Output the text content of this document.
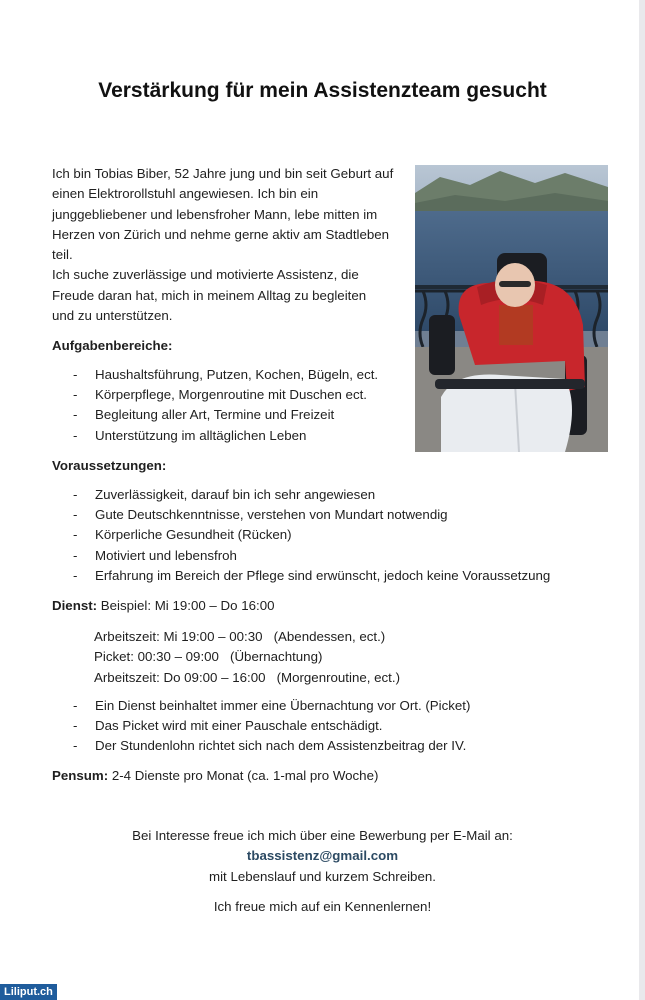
Verstärkung für mein Assistenzteam gesucht
Ich bin Tobias Biber, 52 Jahre jung und bin seit Geburt auf
einen Elektrorollstuhl angewiesen. Ich bin ein
junggebliebener und lebensfroher Mann, lebe mitten im
Herzen von Zürich und nehme gerne aktiv am Stadtleben
teil.
Ich suche zuverlässige und motivierte Assistenz, die
Freude daran hat, mich in meinem Alltag zu begleiten
und zu unterstützen.
Aufgabenbereiche:
- Haushaltsführung, Putzen, Kochen, Bügeln, ect.
- Körperpflege, Morgenroutine mit Duschen ect.
- Begleitung aller Art, Termine und Freizeit
- Unterstützung im alltäglichen Leben
Voraussetzungen:
- Zuverlässigkeit, darauf bin ich sehr angewiesen
- Gute Deutschkenntnisse, verstehen von Mundart notwendig
- Körperliche Gesundheit (Rücken)
- Motiviert und lebensfroh
- Erfahrung im Bereich der Pflege sind erwünscht, jedoch keine Voraussetzung
Dienst: Beispiel: Mi 19:00 – Do 16:00
Arbeitszeit: Mi 19:00 – 00:30   (Abendessen, ect.)
Picket: 00:30 – 09:00   (Übernachtung)
Arbeitszeit: Do 09:00 – 16:00   (Morgenroutine, ect.)
- Ein Dienst beinhaltet immer eine Übernachtung vor Ort. (Picket)
- Das Picket wird mit einer Pauschale entschädigt.
- Der Stundenlohn richtet sich nach dem Assistenzbeitrag der IV.
Pensum: 2-4 Dienste pro Monat (ca. 1-mal pro Woche)
Bei Interesse freue ich mich über eine Bewerbung per E-Mail an:
tbassistenz@gmail.com
mit Lebenslauf und kurzem Schreiben.
Ich freue mich auf ein Kennenlernen!
Liliput.ch
